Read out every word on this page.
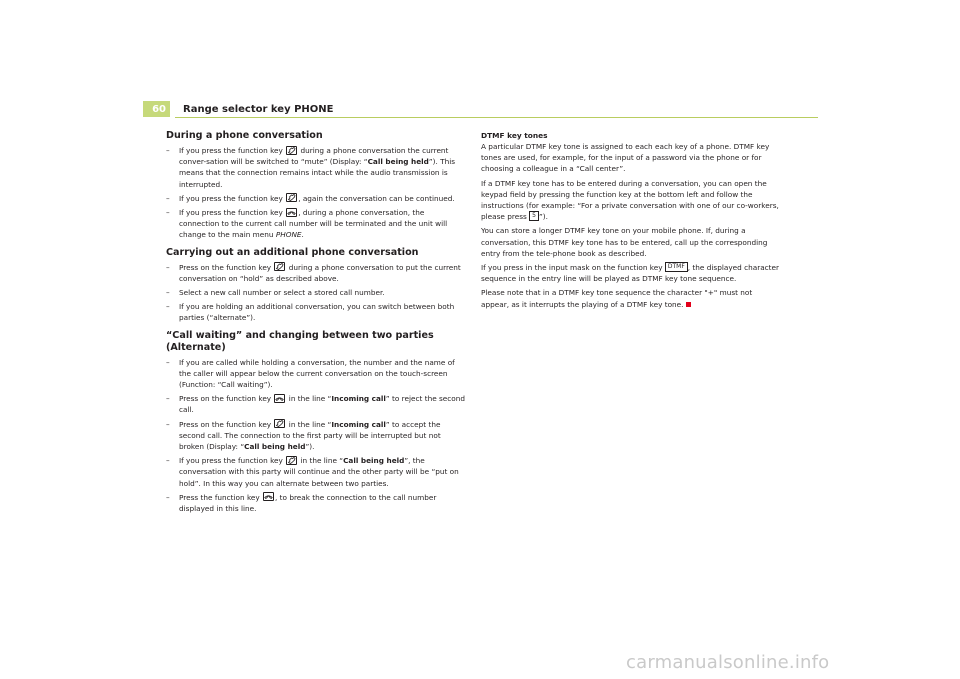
60	Range selector key PHONE
During a phone conversation
– If you press the function key during a phone conversation the current conver-sation will be switched to “mute” (Display: “Call being held”). This means that the connection remains intact while the audio transmission is interrupted.
– If you press the function key , again the conversation can be continued.
– If you press the function key , during a phone conversation, the connection to the current call number will be terminated and the unit will change to the main menu PHONE.
Carrying out an additional phone conversation
– Press on the function key during a phone conversation to put the current conversation on “hold” as described above.
– Select a new call number or select a stored call number.
– If you are holding an additional conversation, you can switch between both parties (“alternate”).
“Call waiting” and changing between two parties (Alternate)
– If you are called while holding a conversation, the number and the name of the caller will appear below the current conversation on the touch-screen (Function: “Call waiting”).
– Press on the function key in the line “Incoming call” to reject the second call.
– Press on the function key in the line “Incoming call” to accept the second call. The connection to the first party will be interrupted but not broken (Display: “Call being held”).
– If you press the function key in the line “Call being held”, the conversation with this party will continue and the other party will be “put on hold”. In this way you can alternate between two parties.
– Press the function key , to break the connection to the call number displayed in this line.
DTMF key tones

A particular DTMF key tone is assigned to each each key of a phone. DTMF key tones are used, for example, for the input of a password via the phone or for choosing a colleague in a “Call center”.

If a DTMF key tone has to be entered during a conversation, you can open the keypad field by pressing the function key at the bottom left and follow the instructions (for example: “For a private conversation with one of our co-workers, please press 5 ”).

You can store a longer DTMF key tone on your mobile phone. If, during a conversation, this DTMF key tone has to be entered, call up the corresponding entry from the tele-phone book as described.

If you press in the input mask on the function key DTMF , the displayed character sequence in the entry line will be played as DTMF key tone sequence.

Please note that in a DTMF key tone sequence the character "+" must not appear, as it interrupts the playing of a DTMF key tone.

carmanualsonline.info
